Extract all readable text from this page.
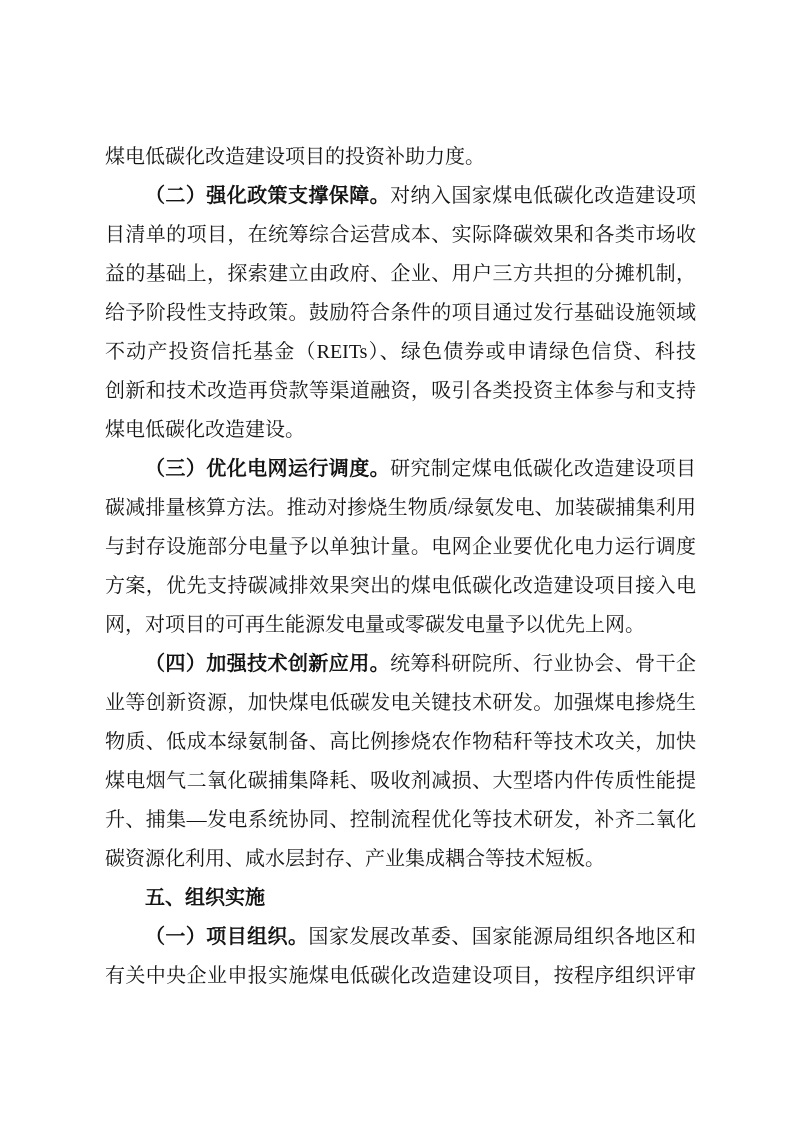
煤电低碳化改造建设项目的投资补助力度。
（二）强化政策支撑保障。对纳入国家煤电低碳化改造建设项
目清单的项目，在统筹综合运营成本、实际降碳效果和各类市场收
益的基础上，探索建立由政府、企业、用户三方共担的分摊机制，
给予阶段性支持政策。鼓励符合条件的项目通过发行基础设施领域
不动产投资信托基金（REITs）、绿色债券或申请绿色信贷、科技
创新和技术改造再贷款等渠道融资，吸引各类投资主体参与和支持
煤电低碳化改造建设。
（三）优化电网运行调度。研究制定煤电低碳化改造建设项目
碳减排量核算方法。推动对掺烧生物质/绿氨发电、加装碳捕集利用
与封存设施部分电量予以单独计量。电网企业要优化电力运行调度
方案，优先支持碳减排效果突出的煤电低碳化改造建设项目接入电
网，对项目的可再生能源发电量或零碳发电量予以优先上网。
（四）加强技术创新应用。统筹科研院所、行业协会、骨干企
业等创新资源，加快煤电低碳发电关键技术研发。加强煤电掺烧生
物质、低成本绿氨制备、高比例掺烧农作物秸秆等技术攻关，加快
煤电烟气二氧化碳捕集降耗、吸收剂减损、大型塔内件传质性能提
升、捕集—发电系统协同、控制流程优化等技术研发，补齐二氧化
碳资源化利用、咸水层封存、产业集成耦合等技术短板。
五、组织实施
（一）项目组织。国家发展改革委、国家能源局组织各地区和
有关中央企业申报实施煤电低碳化改造建设项目，按程序组织评审
